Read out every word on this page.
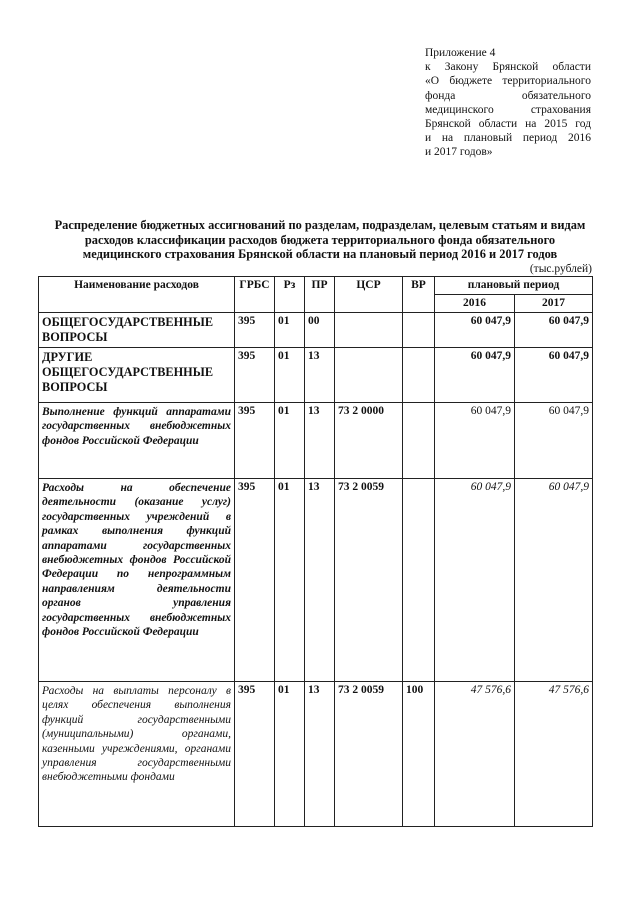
Приложение 4
к Закону Брянской области
«О бюджете территориального
фонда обязательного
медицинского страхования
Брянской области на 2015 год
и на плановый период 2016
и 2017 годов»
Распределение бюджетных ассигнований по разделам, подразделам, целевым статьям и видам
расходов классификации расходов бюджета территориального фонда обязательного
медицинского страхования Брянской области на плановый период 2016 и 2017 годов
(тыс.рублей)
Наименование расходов	ГРБС	Рз	ПР	ЦСР	ВР	плановый период	
						2016	2017
ОБЩЕГОСУДАРСТВЕННЫЕ ВОПРОСЫ	395	01	00			60 047,9	60 047,9
ДРУГИЕ ОБЩЕГОСУДАРСТВЕННЫЕ ВОПРОСЫ	395	01	13			60 047,9	60 047,9
Выполнение функций аппаратами государственных внебюджетных фондов Российской Федерации	395	01	13	73 2 0000		60 047,9	60 047,9
Расходы на обеспечение деятельности (оказание услуг) государственных учреждений в рамках выполнения функций аппаратами государственных внебюджетных фондов Российской Федерации по непрограммным направлениям деятельности органов управления государственных внебюджетных фондов Российской Федерации	395	01	13	73 2 0059		60 047,9	60 047,9
Расходы на выплаты персоналу в целях обеспечения выполнения функций государственными (муниципальными) органами, казенными учреждениями, органами управления государственными внебюджетными фондами	395	01	13	73 2 0059	100	47 576,6	47 576,6
